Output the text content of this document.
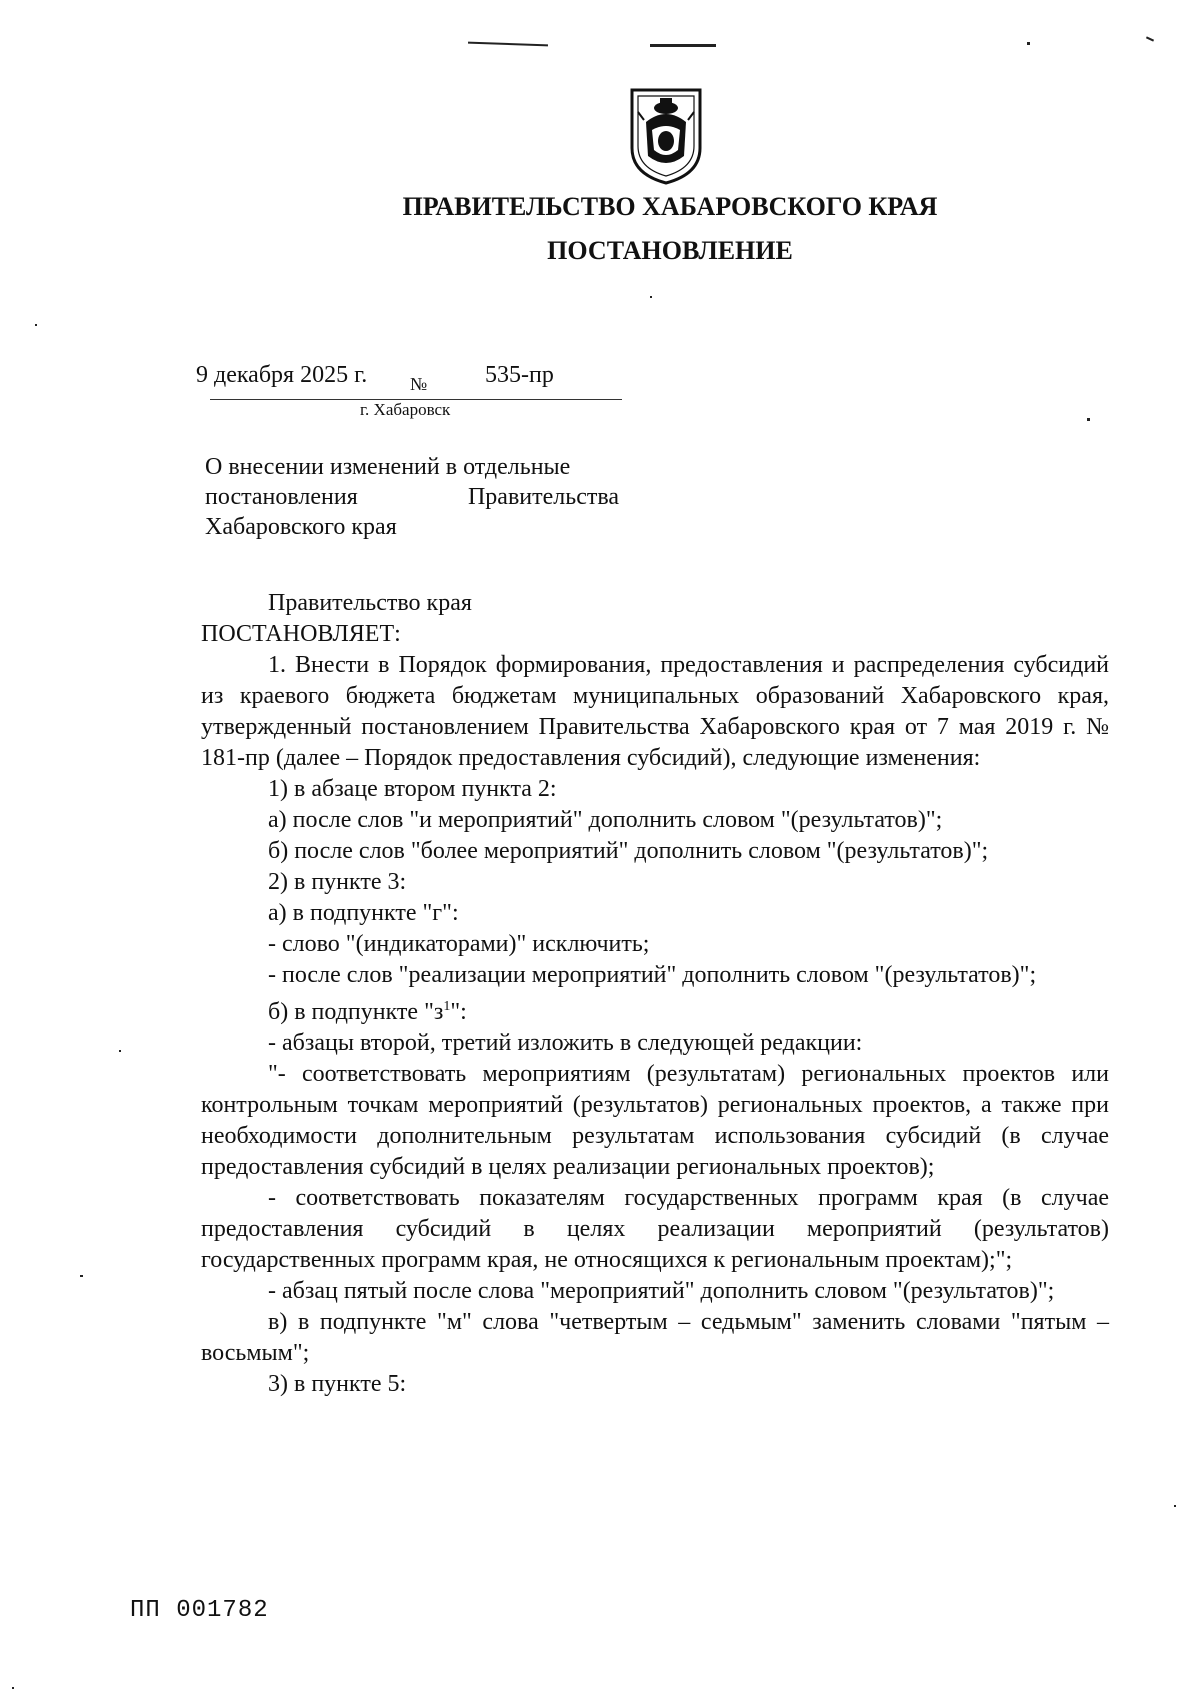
ПРАВИТЕЛЬСТВО ХАБАРОВСКОГО КРАЯ
ПОСТАНОВЛЕНИЕ
9 декабря 2025 г. № 535-пр
г. Хабаровск
О внесении изменений в отдельные
постановления	Правительства
Хабаровского края

Правительство края

ПОСТАНОВЛЯЕТ:

1. Внести в Порядок формирования, предоставления и распределения субсидий из краевого бюджета бюджетам муниципальных образований Хабаровского края, утвержденный постановлением Правительства Хабаровского края от 7 мая 2019 г. № 181-пр (далее – Порядок предоставления субсидий), следующие изменения:

1) в абзаце втором пункта 2:

а) после слов "и мероприятий" дополнить словом "(результатов)";

б) после слов "более мероприятий" дополнить словом "(результатов)";

2) в пункте 3:

а) в подпункте "г":

- слово "(индикаторами)" исключить;

- после слов "реализации мероприятий" дополнить словом "(результатов)";

б) в подпункте "$з^1$":

- абзацы второй, третий изложить в следующей редакции:

"- соответствовать мероприятиям (результатам) региональных проектов или контрольным точкам мероприятий (результатов) региональных проектов, а также при необходимости дополнительным результатам использования субсидий (в случае предоставления субсидий в целях реализации региональных проектов);

- соответствовать показателям государственных программ края (в случае предоставления субсидий в целях реализации мероприятий (результатов) государственных программ края, не относящихся к региональным проектам);";

- абзац пятый после слова "мероприятий" дополнить словом "(результатов)";

в) в подпункте "м" слова "четвертым – седьмым" заменить словами "пятым – восьмым";

3) в пункте 5:

ПП 001782
